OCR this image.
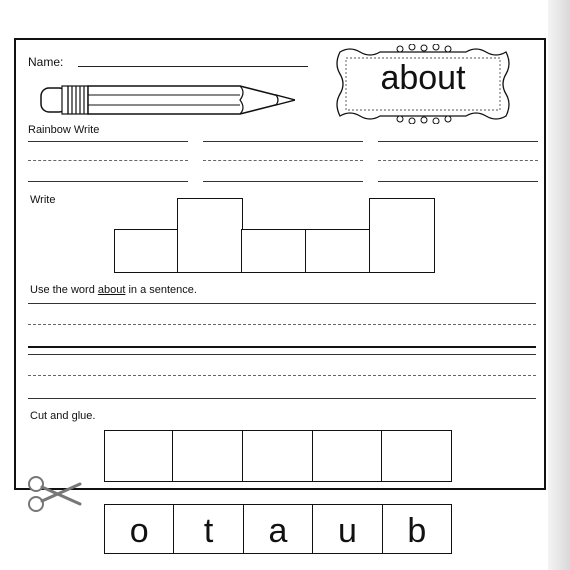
Name:	about
Rainbow Write
Write
Use the word about in a sentence.
Cut and glue.
o	t	a	u	b
